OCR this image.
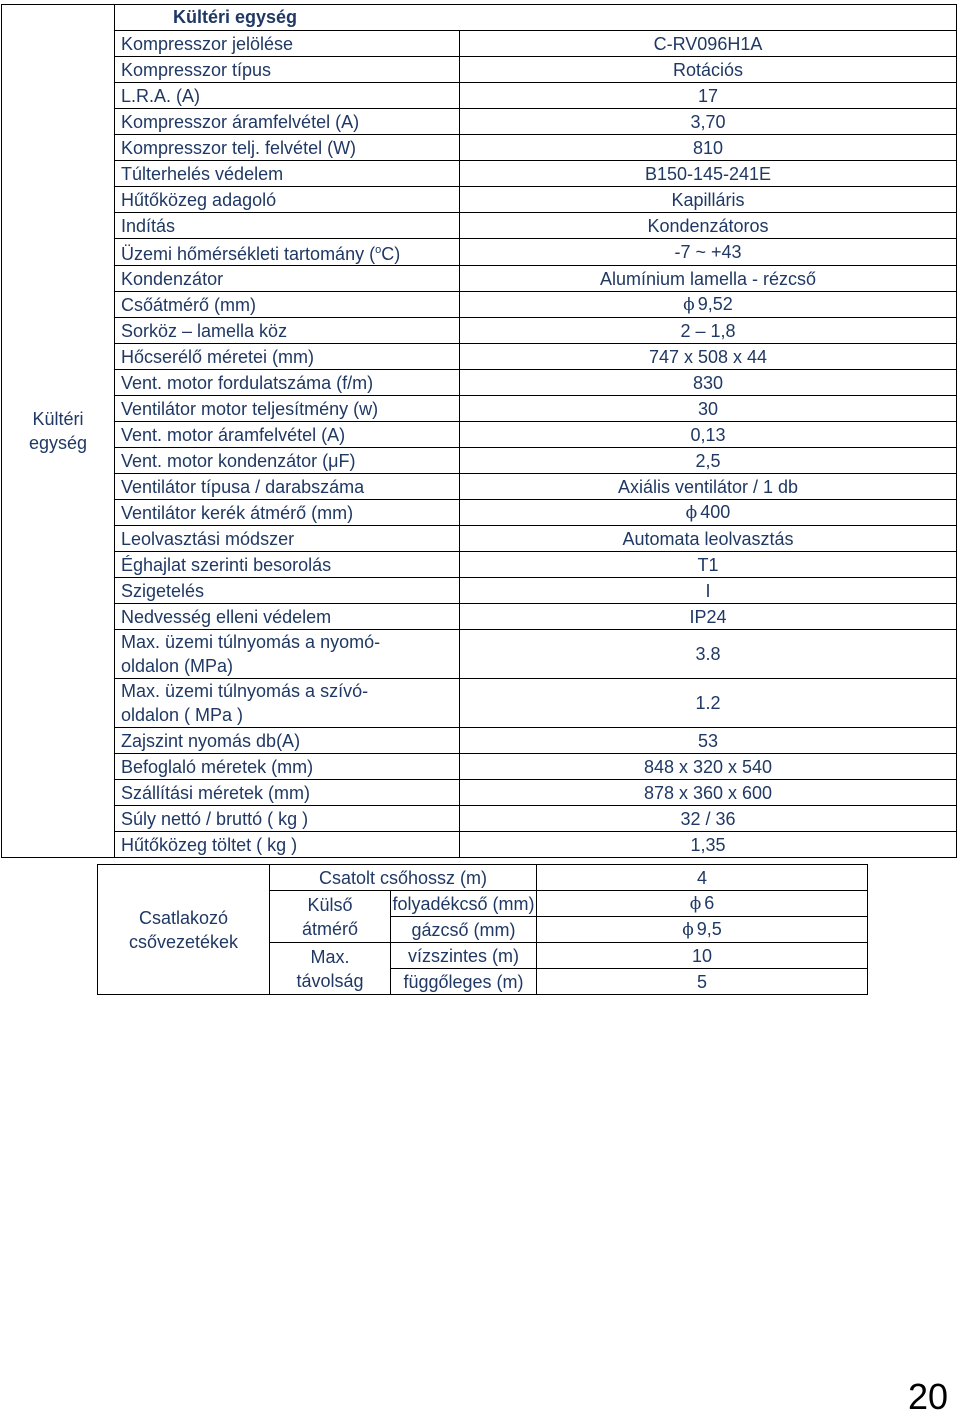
Kültéri
egység	Kültéri egység	
	Kompresszor jelölése	C-RV096H1A
	Kompresszor típus	Rotációs
	L.R.A. (A)	17
	Kompresszor áramfelvétel (A)	3,70
	Kompresszor telj. felvétel (W)	810
	Túlterhelés védelem	B150-145-241E
	Hűtőközeg adagoló	Kapilláris
	Indítás	Kondenzátoros
	Üzemi hőmérsékleti tartomány ($^o$C)	-7 ~ +43
	Kondenzátor	Alumínium lamella - rézcső
	Csőátmérő (mm)	ϕ 9,52
	Sorköz – lamella köz	2 – 1,8
	Hőcserélő méretei (mm)	747 x 508 x 44
	Vent. motor fordulatszáma (f/m)	830
	Ventilátor motor teljesítmény (w)	30
	Vent. motor áramfelvétel (A)	0,13
	Vent. motor kondenzátor (μF)	2,5
	Ventilátor típusa / darabszáma	Axiális ventilátor / 1 db
	Ventilátor kerék átmérő (mm)	ϕ 400
	Leolvasztási módszer	Automata leolvasztás
	Éghajlat szerinti besorolás	T1
	Szigetelés	I
	Nedvesség elleni védelem	IP24
	Max. üzemi túlnyomás a nyomó-
oldalon (MPa)	3.8
	Max. üzemi túlnyomás a szívó-
oldalon ( MPa )	1.2
	Zajszint nyomás db(A)	53
	Befoglaló méretek (mm)	848 x 320 x 540
	Szállítási méretek (mm)	878 x 360 x 600
	Súly nettó / bruttó ( kg )	32 / 36
	Hűtőközeg töltet ( kg )	1,35
Csatlakozó
csővezetékek	Csatolt csőhossz (m)		4
	Külső
átmérő	folyadékcső (mm)	ϕ 6
		gázcső (mm)	ϕ 9,5
	Max.
távolság	vízszintes (m)	10
		függőleges (m)	5
20
